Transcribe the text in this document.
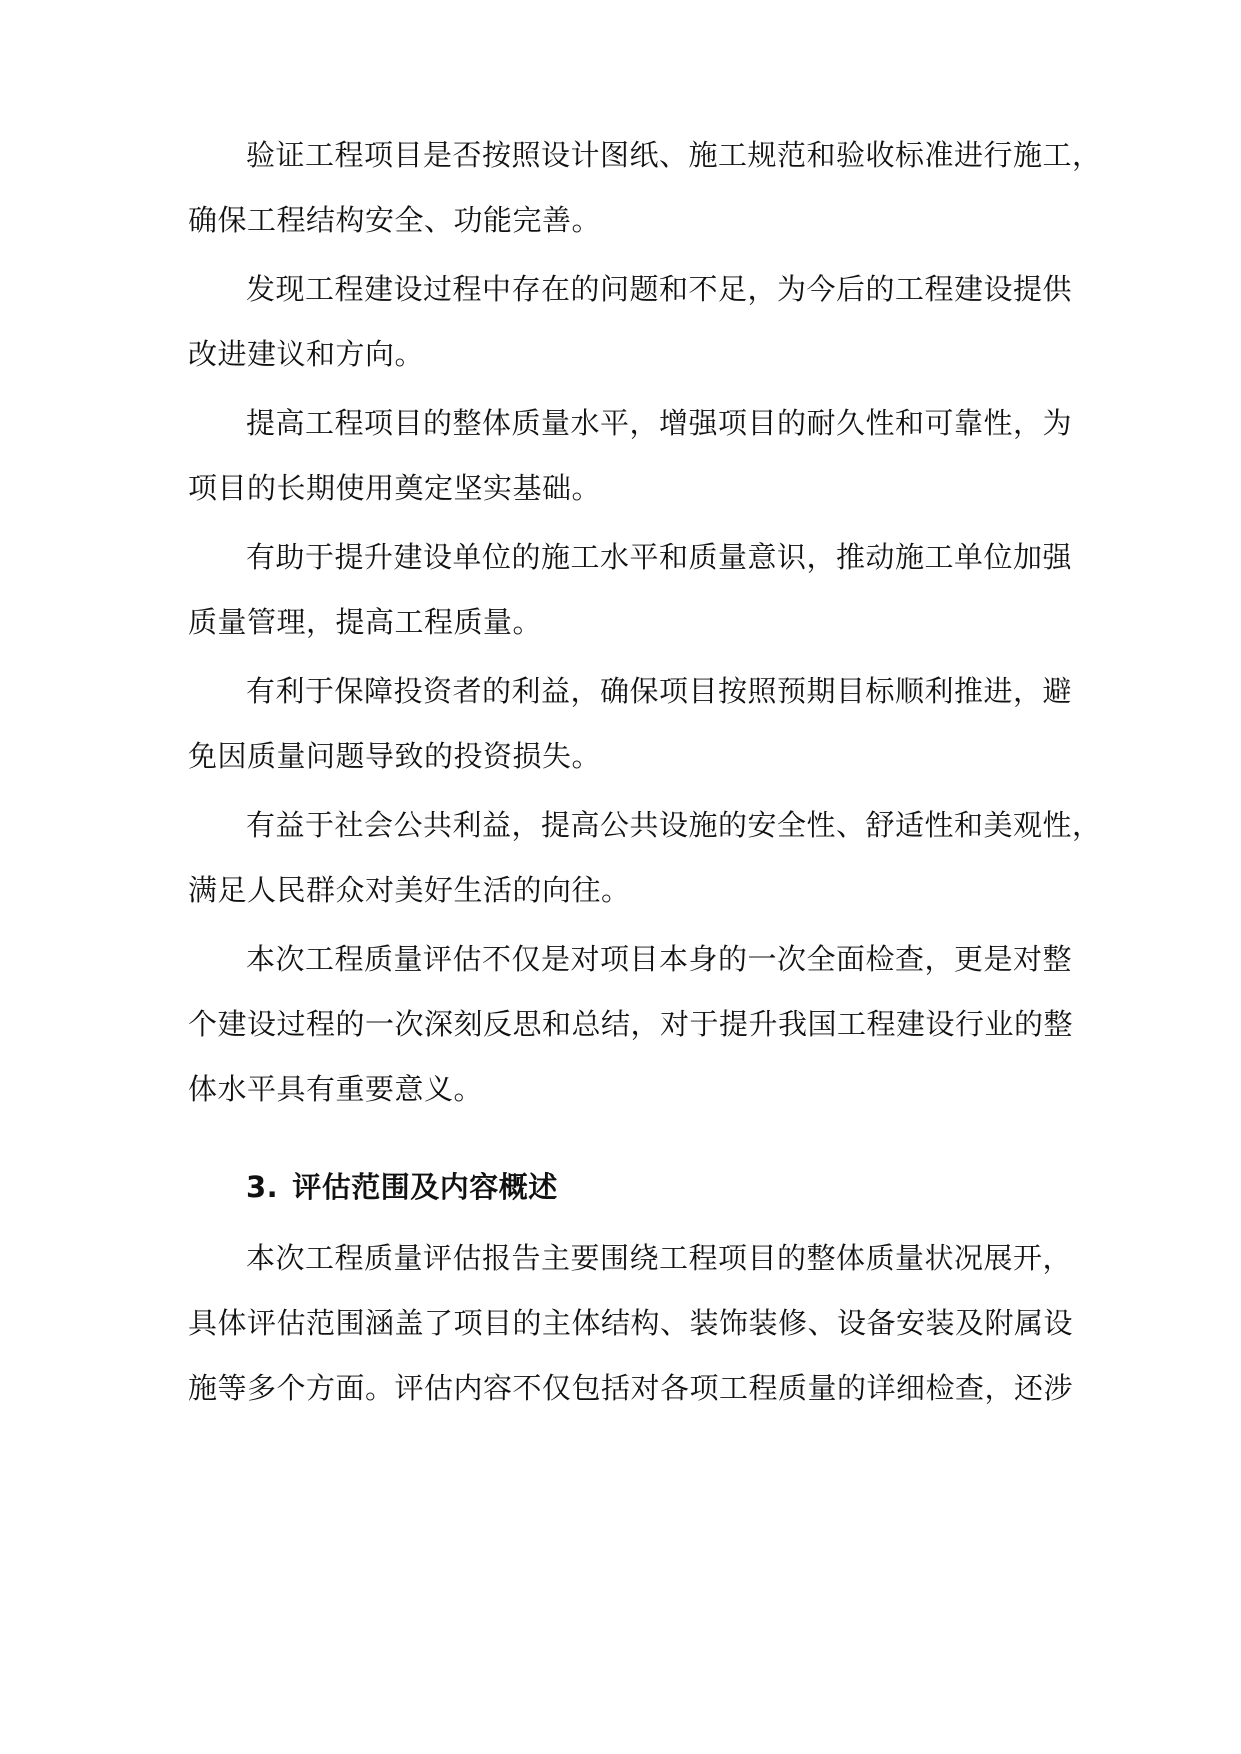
验证工程项目是否按照设计图纸、施工规范和验收标准进行施工，
确保工程结构安全、功能完善。
发现工程建设过程中存在的问题和不足，为今后的工程建设提供
改进建议和方向。
提高工程项目的整体质量水平，增强项目的耐久性和可靠性，为
项目的长期使用奠定坚实基础。
有助于提升建设单位的施工水平和质量意识，推动施工单位加强
质量管理，提高工程质量。
有利于保障投资者的利益，确保项目按照预期目标顺利推进，避
免因质量问题导致的投资损失。
有益于社会公共利益，提高公共设施的安全性、舒适性和美观性，
满足人民群众对美好生活的向往。
本次工程质量评估不仅是对项目本身的一次全面检查，更是对整
个建设过程的一次深刻反思和总结，对于提升我国工程建设行业的整
体水平具有重要意义。
3. 评估范围及内容概述
本次工程质量评估报告主要围绕工程项目的整体质量状况展开，
具体评估范围涵盖了项目的主体结构、装饰装修、设备安装及附属设
施等多个方面。评估内容不仅包括对各项工程质量的详细检查，还涉
